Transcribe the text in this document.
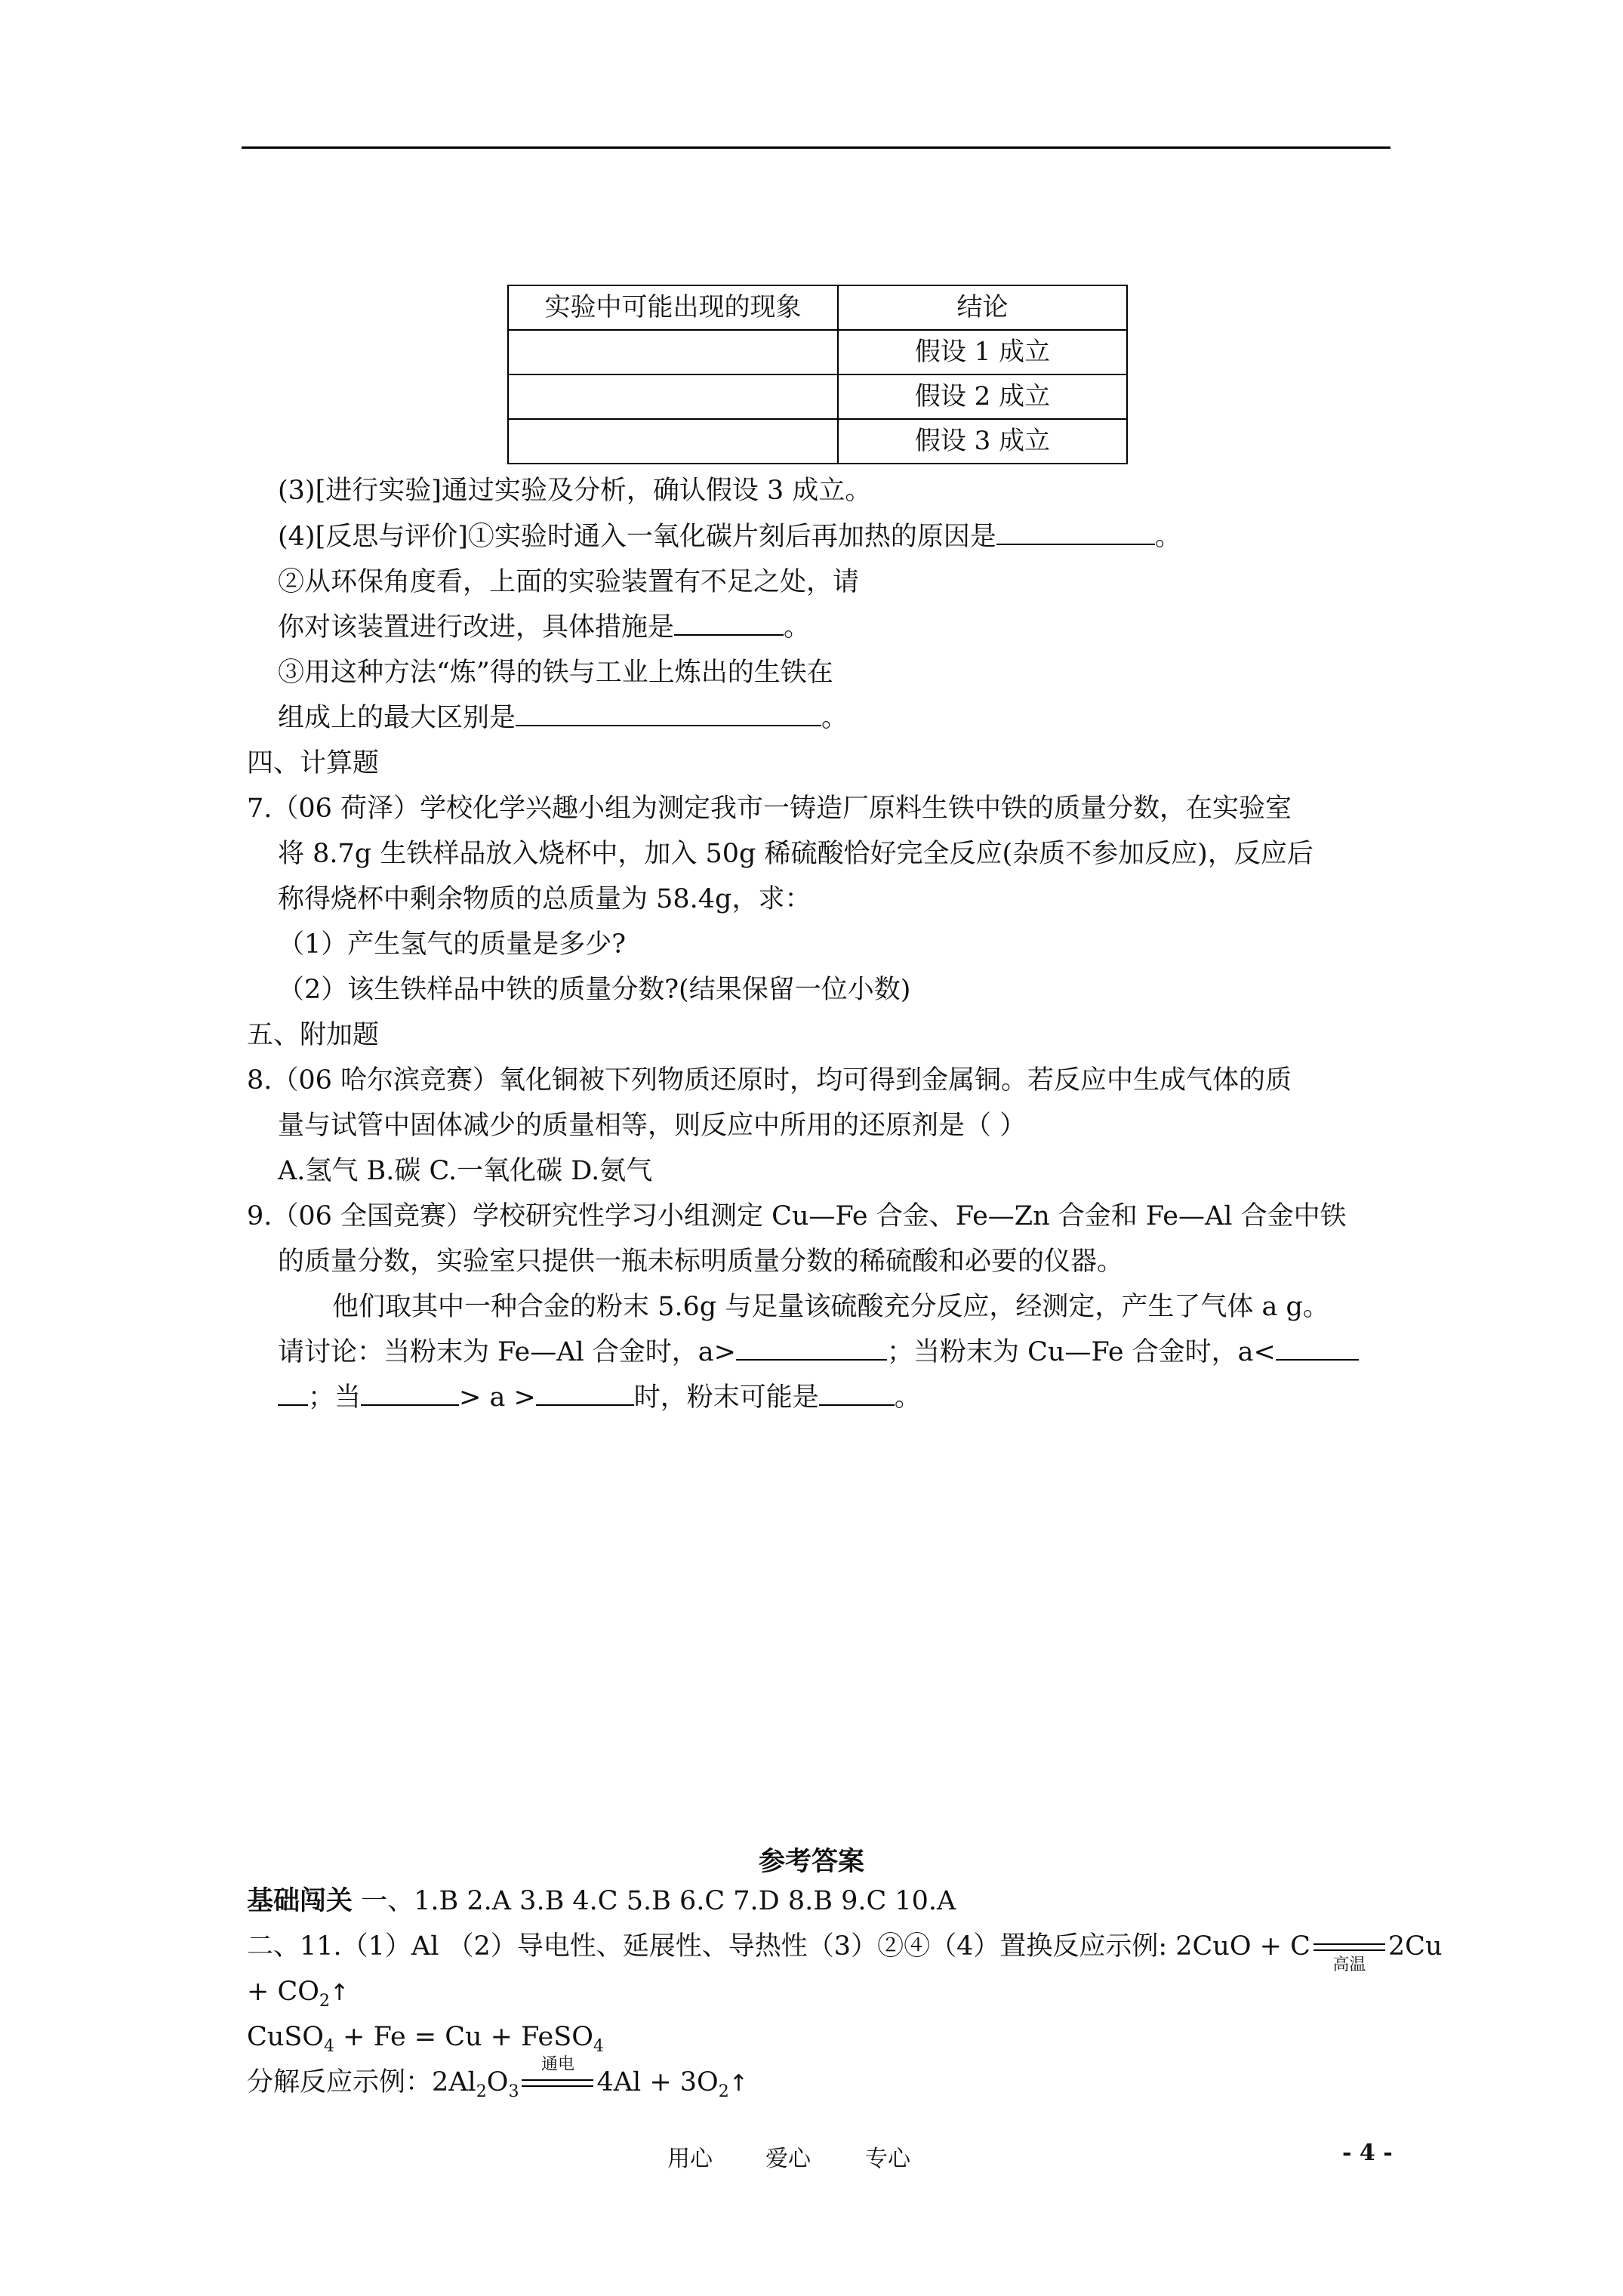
实验中可能出现的现象	结论
	假设 1 成立
	假设 2 成立
	假设 3 成立
(3)[进行实验]通过实验及分析，确认假设 3 成立。
(4)[反思与评价]①实验时通入一氧化碳片刻后再加热的原因是	。
②从环保角度看，上面的实验装置有不足之处，请
你对该装置进行改进，具体措施是	。
③用这种方法“炼”得的铁与工业上炼出的生铁在
组成上的最大区别是	。
四、计算题
7.（06 荷泽）学校化学兴趣小组为测定我市一铸造厂原料生铁中铁的质量分数，在实验室
将 8.7g 生铁样品放入烧杯中，加入 50g 稀硫酸恰好完全反应(杂质不参加反应)，反应后
称得烧杯中剩余物质的总质量为 58.4g，求：
（1）产生氢气的质量是多少?
（2）该生铁样品中铁的质量分数?(结果保留一位小数)
五、附加题
8.（06 哈尔滨竞赛）氧化铜被下列物质还原时，均可得到金属铜。若反应中生成气体的质
量与试管中固体减少的质量相等，则反应中所用的还原剂是（ ）
A.氢气 B.碳 C.一氧化碳 D.氨气
9.（06 全国竞赛）学校研究性学习小组测定 Cu—Fe 合金、Fe—Zn 合金和 Fe—Al 合金中铁
的质量分数，实验室只提供一瓶未标明质量分数的稀硫酸和必要的仪器。
他们取其中一种合金的粉末 5.6g 与足量该硫酸充分反应，经测定，产生了气体 a g。
请讨论：当粉末为 Fe—Al 合金时，a>	；当粉末为 Cu—Fe 合金时，a<
；当	> a >	时，粉末可能是	。
参考答案
基础闯关 一、1.B 2.A 3.B 4.C 5.B 6.C 7.D 8.B 9.C 10.A
二、11.（1）Al （2）导电性、延展性、导热性（3）②④（4）置换反应示例: 2CuO + C
高温
2Cu
+ $CO_2↑$
CuSO$_4$ + Fe = Cu + FeSO$_4$
分解反应示例：$2Al_2O_3$
通电
$4Al + 3O_2↑$
用心 爱心 专心	- 4 -
